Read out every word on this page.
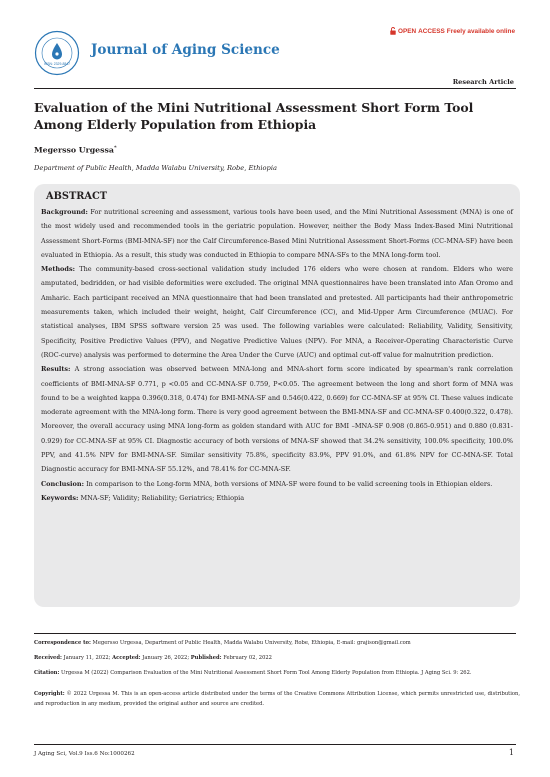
OPEN ACCESS Freely available online
ISSN: 2329-8847
Journal of Aging Science
Research Article
Evaluation of the Mini Nutritional Assessment Short Form Tool Among Elderly Population from Ethiopia
Megersso Urgessa*
Department of Public Health, Madda Walabu University, Robe, Ethiopia
ABSTRACT

Background: For nutritional screening and assessment, various tools have been used, and the Mini Nutritional Assessment (MNA) is one of the most widely used and recommended tools in the geriatric population. However, neither the Body Mass Index-Based Mini Nutritional Assessment Short-Forms (BMI-MNA-SF) nor the Calf Circumference-Based Mini Nutritional Assessment Short-Forms (CC-MNA-SF) have been evaluated in Ethiopia. As a result, this study was conducted in Ethiopia to compare MNA-SFs to the MNA long-form tool.

Methods: The community-based cross-sectional validation study included 176 elders who were chosen at random. Elders who were amputated, bedridden, or had visible deformities were excluded. The original MNA questionnaires have been translated into Afan Oromo and Amharic. Each participant received an MNA questionnaire that had been translated and pretested. All participants had their anthropometric measurements taken, which included their weight, height, Calf Circumference (CC), and Mid-Upper Arm Circumference (MUAC). For statistical analyses, IBM SPSS software version 25 was used. The following variables were calculated: Reliability, Validity, Sensitivity, Specificity, Positive Predictive Values (PPV), and Negative Predictive Values (NPV). For MNA, a Receiver-Operating Characteristic Curve (ROC-curve) analysis was performed to determine the Area Under the Curve (AUC) and optimal cut-off value for malnutrition prediction.

Results: A strong association was observed between MNA-long and MNA-short form score indicated by spearman's rank correlation coefficients of BMI-MNA-SF 0.771, p <0.05 and CC-MNA-SF 0.759, P<0.05. The agreement between the long and short form of MNA was found to be a weighted kappa 0.396(0.318, 0.474) for BMI-MNA-SF and 0.546(0.422, 0.669) for CC-MNA-SF at 95% CI. These values indicate moderate agreement with the MNA-long form. There is very good agreement between the BMI-MNA-SF and CC-MNA-SF 0.400(0.322, 0.478). Moreover, the overall accuracy using MNA long-form as golden standard with AUC for BMI –MNA-SF 0.908 (0.865-0.951) and 0.880 (0.831-0.929) for CC-MNA-SF at 95% CI. Diagnostic accuracy of both versions of MNA-SF showed that 34.2% sensitivity, 100.0% specificity, 100.0% PPV, and 41.5% NPV for BMI-MNA-SF. Similar sensitivity 75.8%, specificity 83.9%, PPV 91.0%, and 61.8% NPV for CC-MNA-SF. Total Diagnostic accuracy for BMI-MNA-SF 55.12%, and 78.41% for CC-MNA-SF.

Conclusion: In comparison to the Long-form MNA, both versions of MNA-SF were found to be valid screening tools in Ethiopian elders.

Keywords: MNA-SF; Validity; Reliability; Geriatrics; Ethiopia

Correspondence to: Megersso Urgessa, Department of Public Health, Madda Walabu University, Robe, Ethiopia, E-mail: grajison@gmail.com
Received: January 11, 2022; Accepted: January 26, 2022; Published: February 02, 2022
Citation: Urgessa M (2022) Comparison Evaluation of the Mini Nutritional Assessment Short Form Tool Among Elderly Population from Ethiopia. J Aging Sci. 9: 262.
Copyright: © 2022 Urgessa M. This is an open-access article distributed under the terms of the Creative Commons Attribution License, which permits unrestricted use, distribution, and reproduction in any medium, provided the original author and source are credited.
J Aging Sci, Vol.9 Iss.6 No:1000262	1
